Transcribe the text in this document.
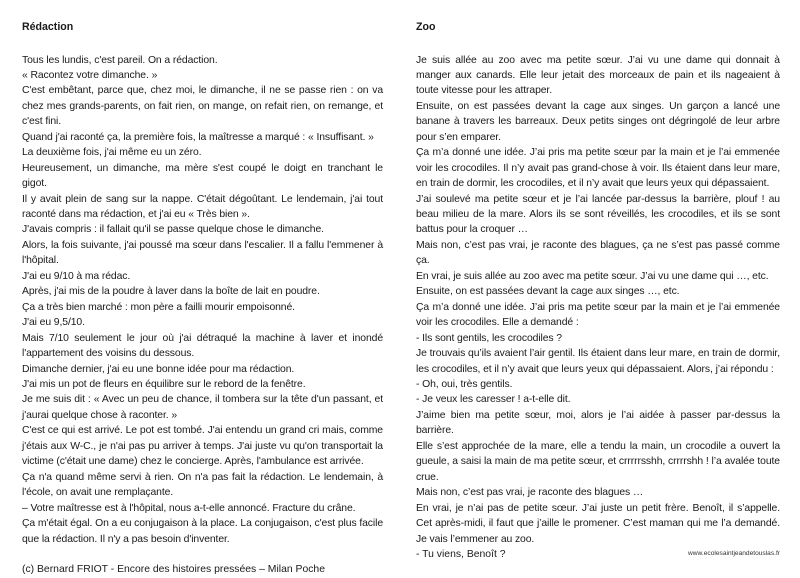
Rédaction

Tous les lundis, c'est pareil. On a rédaction.

« Racontez votre dimanche. »

C'est embêtant, parce que, chez moi, le dimanche, il ne se passe rien : on va chez mes grands-parents, on fait rien, on mange, on refait rien, on remange, et c'est fini.

Quand j'ai raconté ça, la première fois, la maîtresse a marqué : « Insuffisant. »

La deuxième fois, j'ai même eu un zéro.

Heureusement, un dimanche, ma mère s'est coupé le doigt en tranchant le gigot.

Il y avait plein de sang sur la nappe. C'était dégoûtant. Le lendemain, j'ai tout raconté dans ma rédaction, et j'ai eu « Très bien ».

J'avais compris : il fallait qu'il se passe quelque chose le dimanche.

Alors, la fois suivante, j'ai poussé ma sœur dans l'escalier. Il a fallu l'emmener à l'hôpital.

J'ai eu 9/10 à ma rédac.

Après, j'ai mis de la poudre à laver dans la boîte de lait en poudre.

Ça a très bien marché : mon père a failli mourir empoisonné.

J'ai eu 9,5/10.

Mais 7/10 seulement le jour où j'ai détraqué la machine à laver et inondé l'appartement des voisins du dessous.

Dimanche dernier, j'ai eu une bonne idée pour ma rédaction.

J'ai mis un pot de fleurs en équilibre sur le rebord de la fenêtre.

Je me suis dit : « Avec un peu de chance, il tombera sur la tête d'un passant, et j'aurai quelque chose à raconter. »

C'est ce qui est arrivé. Le pot est tombé. J'ai entendu un grand cri mais, comme j'étais aux W-C., je n'ai pas pu arriver à temps. J'ai juste vu qu'on transportait la victime (c'était une dame) chez le concierge. Après, l'ambulance est arrivée.

Ça n'a quand même servi à rien. On n'a pas fait la rédaction. Le lendemain, à l'école, on avait une remplaçante.

– Votre maîtresse est à l'hôpital, nous a-t-elle annoncé. Fracture du crâne.

Ça m'était égal. On a eu conjugaison à la place. La conjugaison, c'est plus facile que la rédaction. Il n'y a pas besoin d'inventer.

(c) Bernard FRIOT - Encore des histoires pressées – Milan Poche
Zoo

Je suis allée au zoo avec ma petite sœur. J’ai vu une dame qui donnait à manger aux canards. Elle leur jetait des morceaux de pain et ils nageaient à toute vitesse pour les attraper.

Ensuite, on est passées devant la cage aux singes. Un garçon a lancé une banane à travers les barreaux. Deux petits singes ont dégringolé de leur arbre pour s’en emparer.

Ça m’a donné une idée. J’ai pris ma petite sœur par la main et je l’ai emmenée voir les crocodiles. Il n’y avait pas grand-chose à voir. Ils étaient dans leur mare, en train de dormir, les crocodiles, et il n’y avait que leurs yeux qui dépassaient.

J’ai soulevé ma petite sœur et je l’ai lancée par-dessus la barrière, plouf ! au beau milieu de la mare. Alors ils se sont réveillés, les crocodiles, et ils se sont battus pour la croquer …

Mais non, c’est pas vrai, je raconte des blagues, ça ne s’est pas passé comme ça.

En vrai, je suis allée au zoo avec ma petite sœur. J’ai vu une dame qui …, etc.

Ensuite, on est passées devant la cage aux singes …, etc.

Ça m’a donné une idée. J’ai pris ma petite sœur par la main et je l’ai emmenée voir les crocodiles. Elle a demandé :

- Ils sont gentils, les crocodiles ?

Je trouvais qu’ils avaient l’air gentil. Ils étaient dans leur mare, en train de dormir, les crocodiles, et il n’y avait que leurs yeux qui dépassaient. Alors, j’ai répondu :

- Oh, oui, très gentils.

- Je veux les caresser ! a-t-elle dit.

J’aime bien ma petite sœur, moi, alors je l’ai aidée à passer par-dessus la barrière.

Elle s’est approchée de la mare, elle a tendu la main, un crocodile a ouvert la gueule, a saisi la main de ma petite sœur, et crrrrrsshh, crrrrshh ! l’a avalée toute crue.

Mais non, c’est pas vrai, je raconte des blagues …

En vrai, je n’ai pas de petite sœur. J’ai juste un petit frère. Benoît, il s’appelle. Cet après-midi, il faut que j’aille le promener. C’est maman qui me l’a demandé. Je vais l’emmener au zoo.

- Tu viens, Benoît ?	www.ecolesaintjeandetouslas.fr
